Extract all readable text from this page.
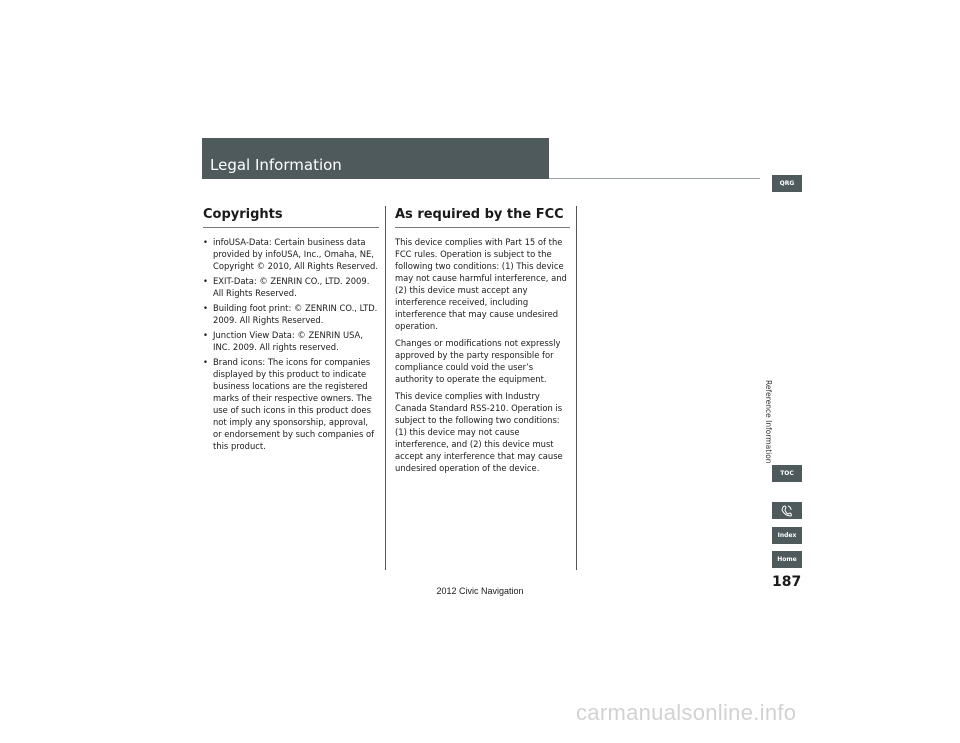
Legal Information
Copyrights
• infoUSA-Data: Certain business data provided by infoUSA, Inc., Omaha, NE, Copyright © 2010, All Rights Reserved.
• EXIT-Data: © ZENRIN CO., LTD. 2009. All Rights Reserved.
• Building foot print: © ZENRIN CO., LTD. 2009. All Rights Reserved.
• Junction View Data: © ZENRIN USA, INC. 2009. All rights reserved.
• Brand icons: The icons for companies displayed by this product to indicate business locations are the registered marks of their respective owners. The use of such icons in this product does not imply any sponsorship, approval, or endorsement by such companies of this product.
As required by the FCC

This device complies with Part 15 of the FCC rules. Operation is subject to the following two conditions: (1) This device may not cause harmful interference, and (2) this device must accept any interference received, including interference that may cause undesired operation.

Changes or modifications not expressly approved by the party responsible for compliance could void the user’s authority to operate the equipment.

This device complies with Industry Canada Standard RSS-210. Operation is subject to the following two conditions: (1) this device may not cause interference, and (2) this device must accept any interference that may cause undesired operation of the device.

QRG
Reference Information
TOC
Index
Home
187
2012 Civic Navigation
carmanualsonline.info
